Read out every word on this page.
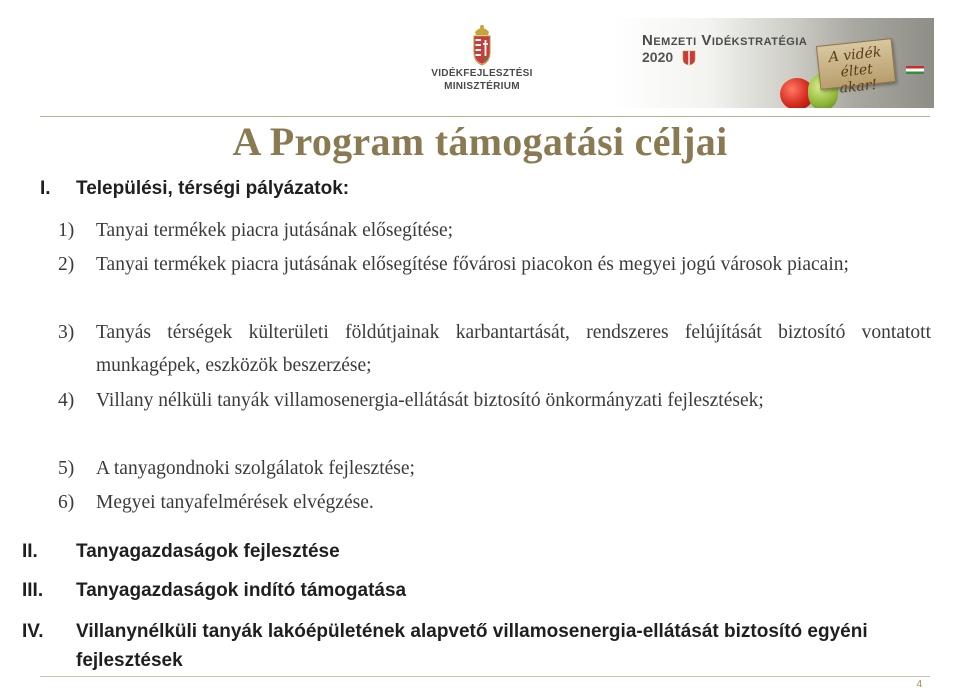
VIDÉKFEJLESZTÉSI
MINISZTÉRIUM
Nemzeti Vidékstratégia
2020	A vidék
éltet akar!
A Program támogatási céljai
I. Települési, térségi pályázatok:
1) Tanyai termékek piacra jutásának elősegítése;
2) Tanyai termékek piacra jutásának elősegítése fővárosi piacokon és megyei jogú városok piacain;
3) Tanyás térségek külterületi földútjainak karbantartását, rendszeres felújítását biztosító vontatott munkagépek, eszközök beszerzése;
4) Villany nélküli tanyák villamosenergia-ellátását biztosító önkormányzati fejlesztések;
5) A tanyagondnoki szolgálatok fejlesztése;
6) Megyei tanyafelmérések elvégzése.
II. Tanyagazdaságok fejlesztése
III. Tanyagazdaságok indító támogatása
IV. Villanynélküli tanyák lakóépületének alapvető villamosenergia-ellátását biztosító egyéni fejlesztések
4
